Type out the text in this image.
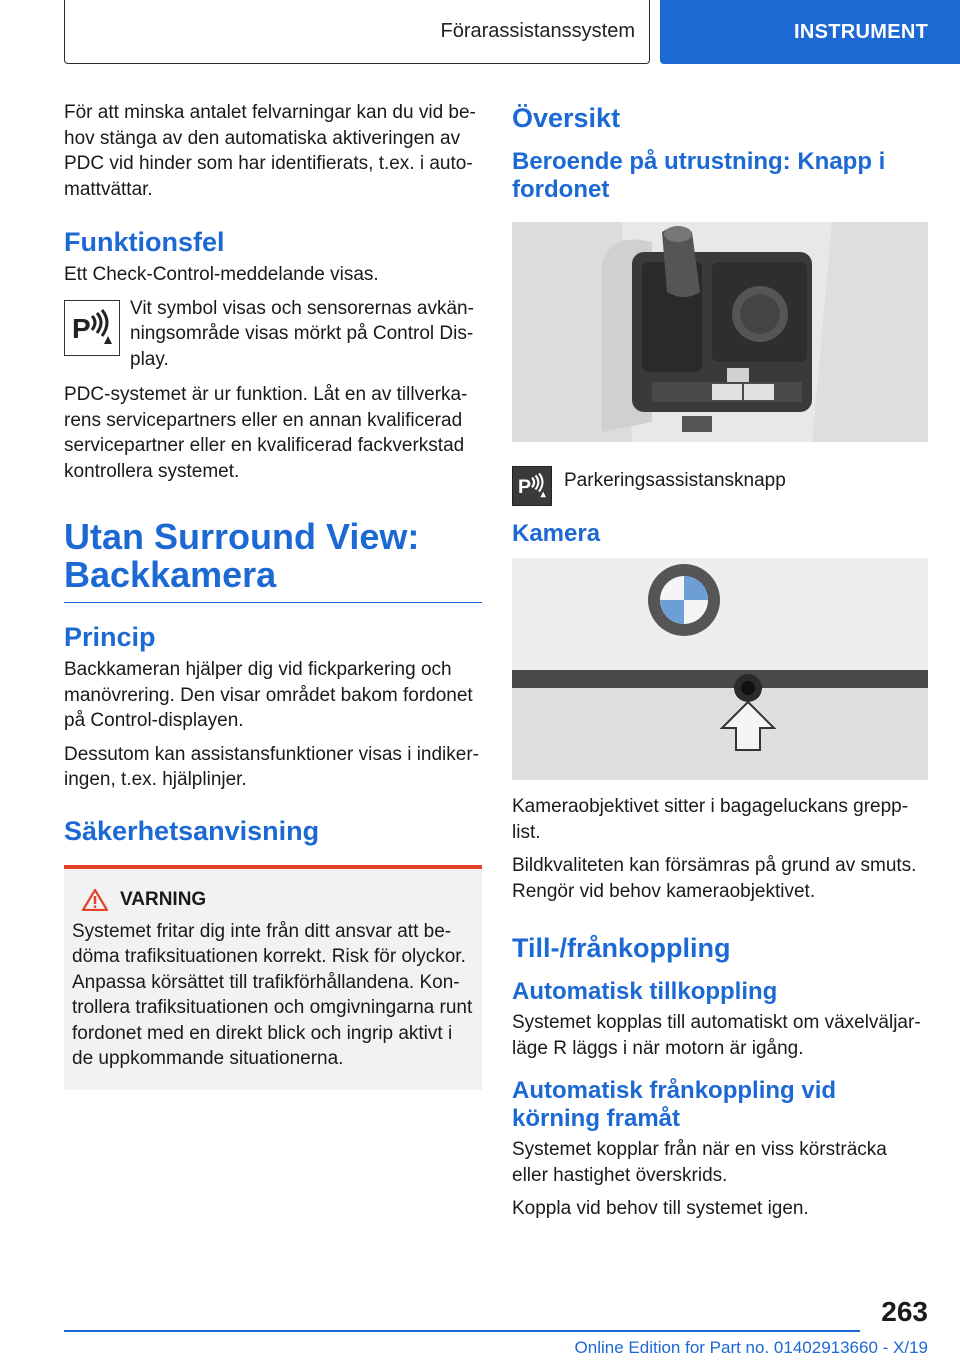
Förarassistanssystem	INSTRUMENT

För att minska antalet felvarningar kan du vid be-hov stänga av den automatiska aktiveringen av PDC vid hinder som har identifierats, t.ex. i auto-mattvättar.

Funktionsfel

Ett Check-Control-meddelande visas.

P

Vit symbol visas och sensorernas avkän-ningsområde visas mörkt på Control Dis-play.

PDC-systemet är ur funktion. Låt en av tillverka-rens servicepartners eller en annan kvalificerad servicepartner eller en kvalificerad fackverkstad kontrollera systemet.

Utan Surround View:
Backkamera
Princip

Backkameran hjälper dig vid fickparkering och manövrering. Den visar området bakom fordonet på Control-displayen.

Dessutom kan assistansfunktioner visas i indiker-ingen, t.ex. hjälplinjer.

Säkerhetsanvisning
VARNING

Systemet fritar dig inte från ditt ansvar att be-döma trafiksituationen korrekt. Risk för olyckor. Anpassa körsättet till trafikförhållandena. Kon-trollera trafiksituationen och omgivningarna runt fordonet med en direkt blick och ingrip aktivt i de uppkommande situationerna.

Översikt
Beroende på utrustning: Knapp i fordonet
P Parkeringsassistansknapp

Kamera

Kameraobjektivet sitter i bagageluckans grepp-list.

Bildkvaliteten kan försämras på grund av smuts. Rengör vid behov kameraobjektivet.

Till-/frånkoppling
Automatisk tillkoppling

Systemet kopplas till automatiskt om växelväljar-läge R läggs i när motorn är igång.

Automatisk frånkoppling vid körning framåt

Systemet kopplar från när en viss körsträcka eller hastighet överskrids.

Koppla vid behov till systemet igen.

263
Online Edition for Part no. 01402913660 - X/19
